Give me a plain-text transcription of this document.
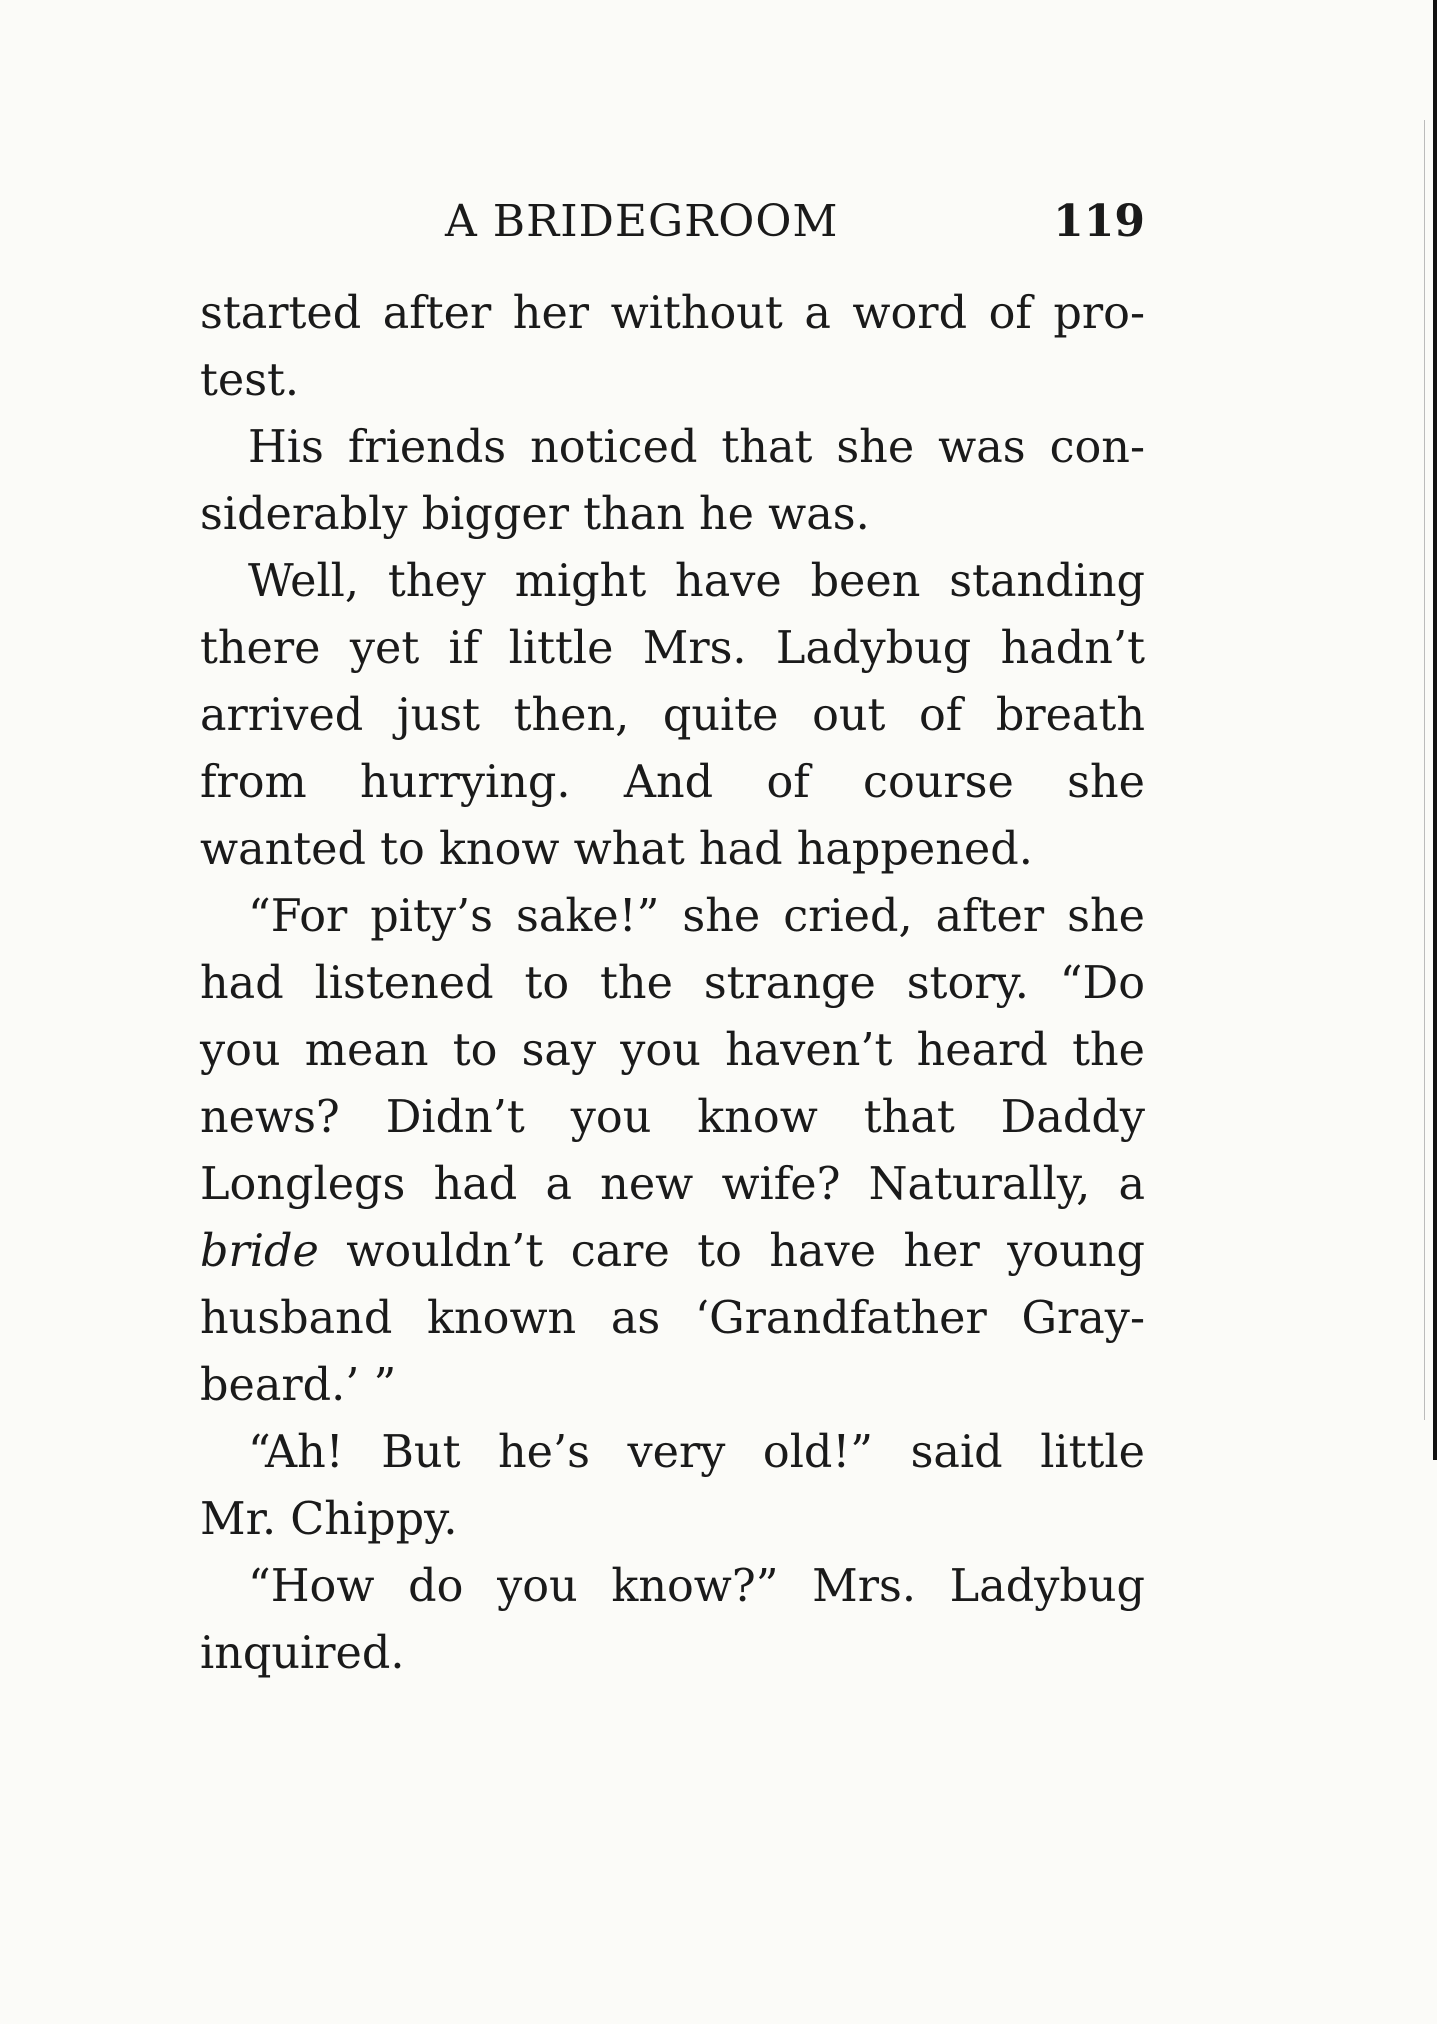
A BRIDEGROOM	119
started after her without a word of pro-
test.
His friends noticed that she was con-
siderably bigger than he was.
Well, they might have been standing
there yet if little Mrs. Ladybug hadn’t
arrived just then, quite out of breath
from hurrying. And of course she
wanted to know what had happened.
“For pity’s sake!” she cried, after she
had listened to the strange story. “Do
you mean to say you haven’t heard the
news? Didn’t you know that Daddy
Longlegs had a new wife? Naturally, a
bride wouldn’t care to have her young
husband known as ‘Grandfather Gray-
beard.’ ”
“Ah! But he’s very old!” said little
Mr. Chippy.
“How do you know?” Mrs. Ladybug
inquired.
